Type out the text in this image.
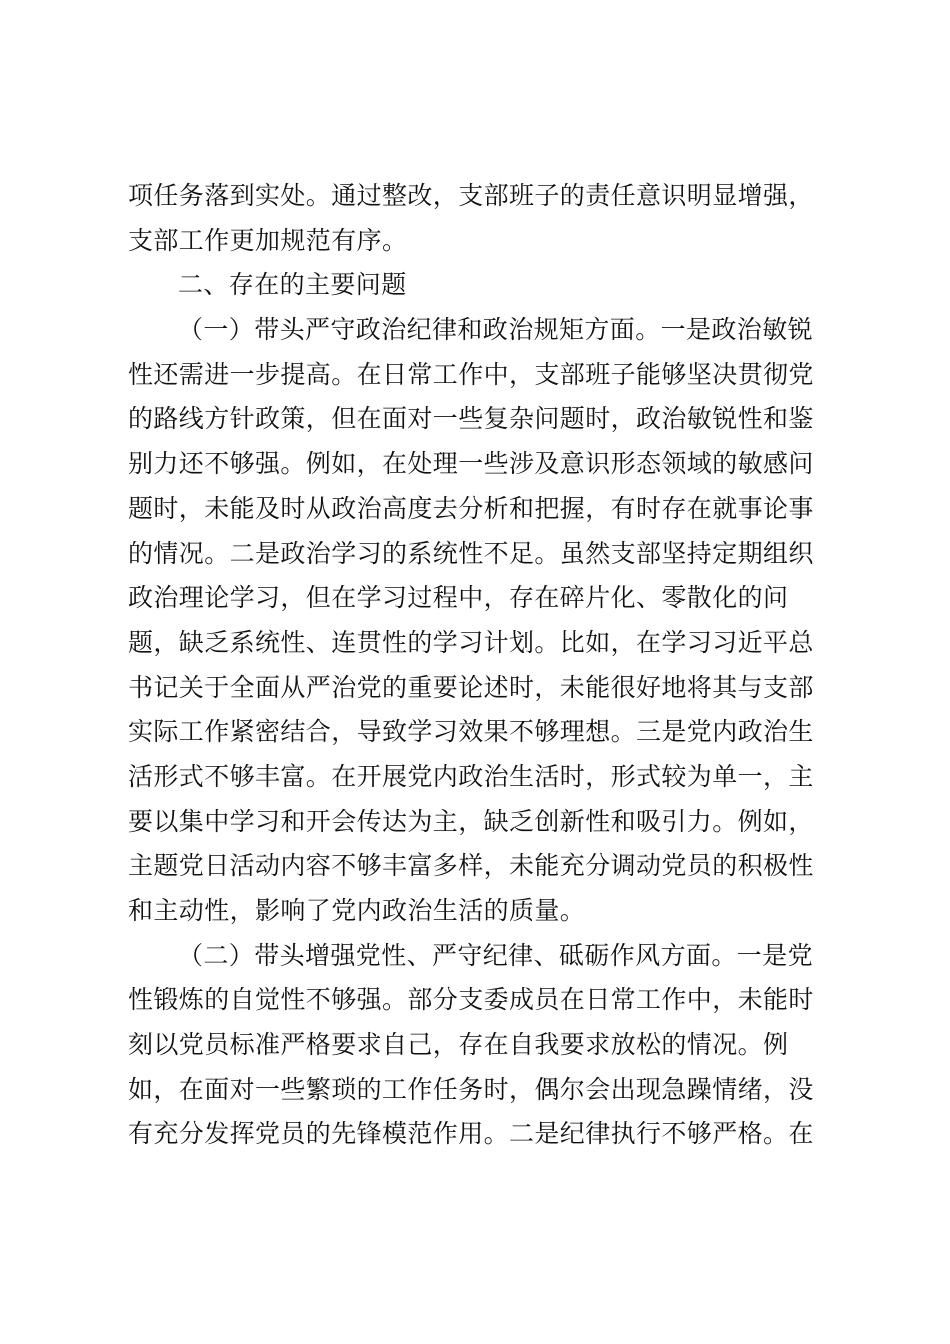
项任务落到实处。通过整改，支部班子的责任意识明显增强，
支部工作更加规范有序。
二、存在的主要问题
（一）带头严守政治纪律和政治规矩方面。一是政治敏锐
性还需进一步提高。在日常工作中，支部班子能够坚决贯彻党
的路线方针政策，但在面对一些复杂问题时，政治敏锐性和鉴
别力还不够强。例如，在处理一些涉及意识形态领域的敏感问
题时，未能及时从政治高度去分析和把握，有时存在就事论事
的情况。二是政治学习的系统性不足。虽然支部坚持定期组织
政治理论学习，但在学习过程中，存在碎片化、零散化的问
题，缺乏系统性、连贯性的学习计划。比如，在学习习近平总
书记关于全面从严治党的重要论述时，未能很好地将其与支部
实际工作紧密结合，导致学习效果不够理想。三是党内政治生
活形式不够丰富。在开展党内政治生活时，形式较为单一，主
要以集中学习和开会传达为主，缺乏创新性和吸引力。例如，
主题党日活动内容不够丰富多样，未能充分调动党员的积极性
和主动性，影响了党内政治生活的质量。
（二）带头增强党性、严守纪律、砥砺作风方面。一是党
性锻炼的自觉性不够强。部分支委成员在日常工作中，未能时
刻以党员标准严格要求自己，存在自我要求放松的情况。例
如，在面对一些繁琐的工作任务时，偶尔会出现急躁情绪，没
有充分发挥党员的先锋模范作用。二是纪律执行不够严格。在
